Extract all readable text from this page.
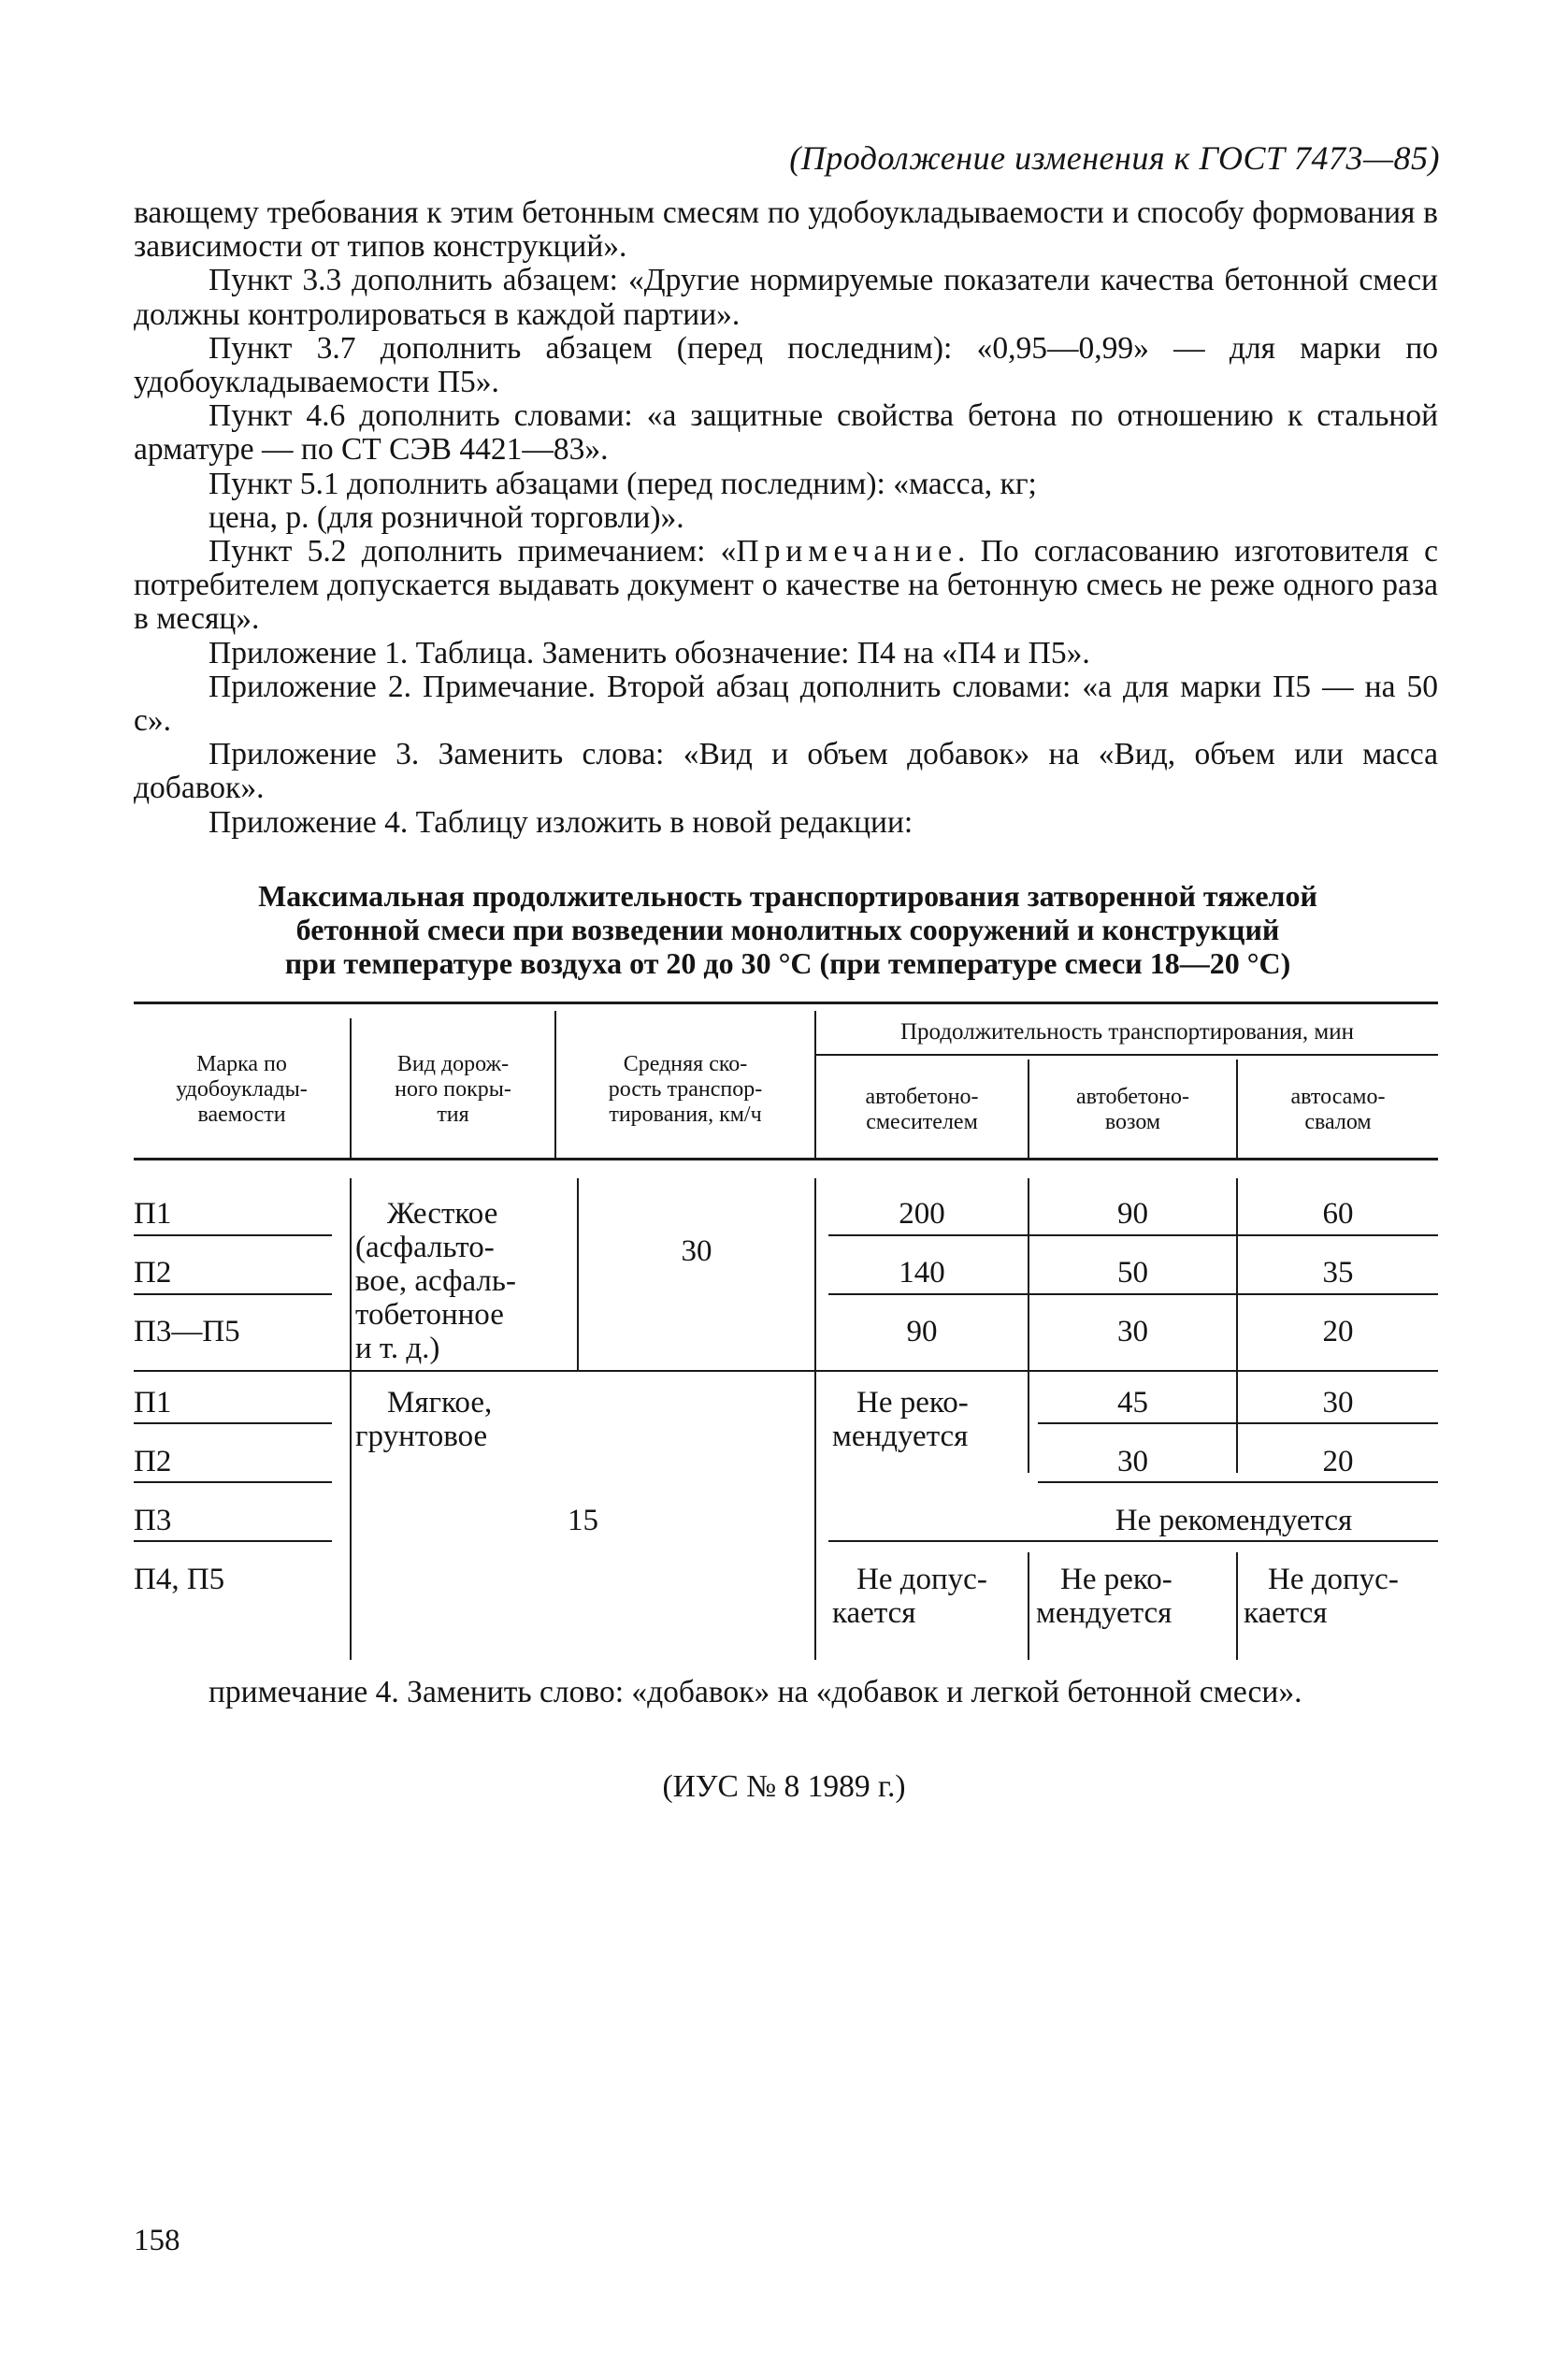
(Продолжение изменения к ГОСТ 7473—85)

вающему требования к этим бетонным смесям по удобоукладываемости и способу формования в зависимости от типов конструкций».

Пункт 3.3 дополнить абзацем: «Другие нормируемые показатели качества бетонной смеси должны контролироваться в каждой партии».

Пункт 3.7 дополнить абзацем (перед последним): «0,95—0,99» — для марки по удобоукладываемости П5».

Пункт 4.6 дополнить словами: «а защитные свойства бетона по отношению к стальной арматуре — по СТ СЭВ 4421—83».

Пункт 5.1 дополнить абзацами (перед последним): «масса, кг;

цена, р. (для розничной торговли)».

Пункт 5.2 дополнить примечанием: «Примечание. По согласованию изготовителя с потребителем допускается выдавать документ о качестве на бетонную смесь не реже одного раза в месяц».

Приложение 1. Таблица. Заменить обозначение: П4 на «П4 и П5».

Приложение 2. Примечание. Второй абзац дополнить словами: «а для марки П5 — на 50 с».

Приложение 3. Заменить слова: «Вид и объем добавок» на «Вид, объем или масса добавок».

Приложение 4. Таблицу изложить в новой редакции:

Максимальная продолжительность транспортирования затворенной тяжелой
бетонной смеси при возведении монолитных сооружений и конструкций
при температуре воздуха от 20 до 30 °С (при температуре смеси 18—20 °С)
Марка по
удобоуклады-
ваемости
Вид дорож-
ного покры-
тия
Средняя ско-
рость транспор-
тирования, км/ч
Продолжительность транспортирования, мин
автобетоно-
смесителем
автобетоно-
возом
автосамо-
свалом
П1
П2
П3—П5
Жесткое
(асфальто-
вое, асфаль-
тобетонное
и т. д.)
30
200
140
90
90
50
30
60
35
20
П1
П2
П3
П4, П5
Мягкое,
грунтовое
15
Не реко-
мендуется
45
30
30
20
Не рекомендуется
Не допус-
кается
Не реко-
мендуется
Не допус-
кается

примечание 4. Заменить слово: «добавок» на «добавок и легкой бетонной смеси».

(ИУС № 8 1989 г.)
158
